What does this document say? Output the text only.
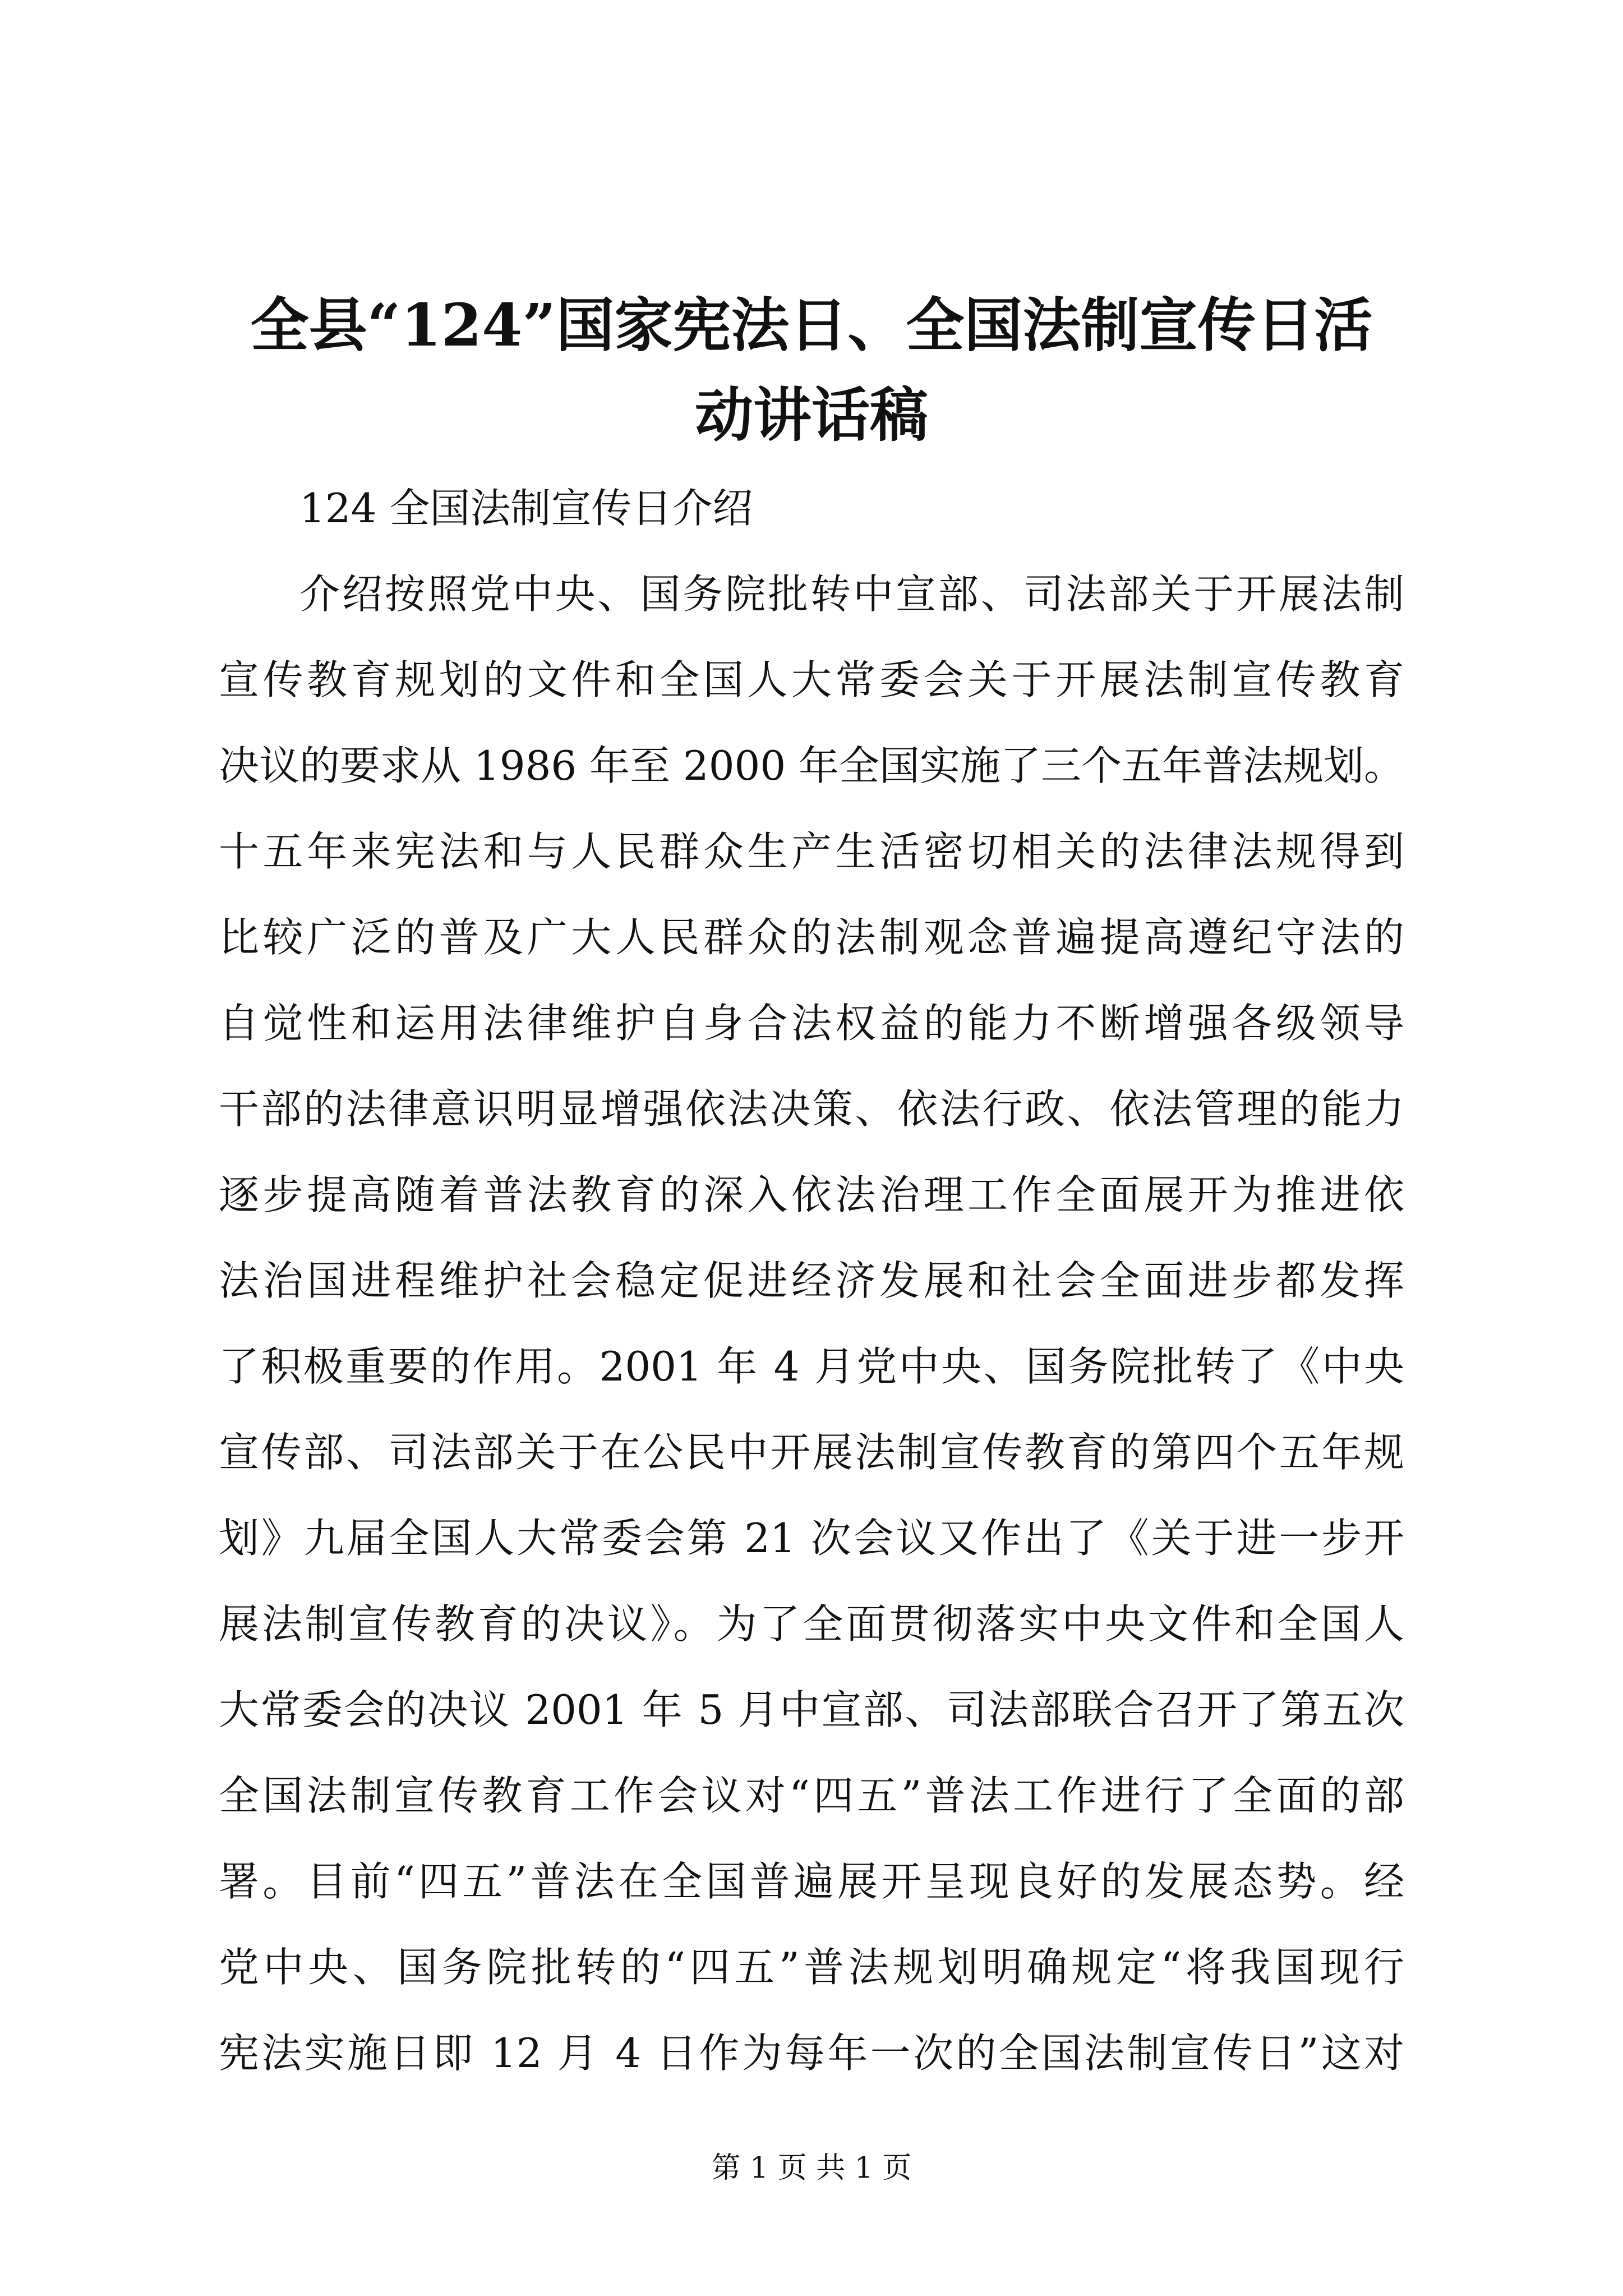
全县“124”国家宪法日、全国法制宣传日活
动讲话稿
124 全国法制宣传日介绍
介绍按照党中央、国务院批转中宣部、司法部关于开展法制
宣传教育规划的文件和全国人大常委会关于开展法制宣传教育
决议的要求从 1986 年至 2000 年全国实施了三个五年普法规划。
十五年来宪法和与人民群众生产生活密切相关的法律法规得到
比较广泛的普及广大人民群众的法制观念普遍提高遵纪守法的
自觉性和运用法律维护自身合法权益的能力不断增强各级领导
干部的法律意识明显增强依法决策、依法行政、依法管理的能力
逐步提高随着普法教育的深入依法治理工作全面展开为推进依
法治国进程维护社会稳定促进经济发展和社会全面进步都发挥
了积极重要的作用。2001 年 4 月党中央、国务院批转了《中央
宣传部、司法部关于在公民中开展法制宣传教育的第四个五年规
划》九届全国人大常委会第 21 次会议又作出了《关于进一步开
展法制宣传教育的决议》。为了全面贯彻落实中央文件和全国人
大常委会的决议 2001 年 5 月中宣部、司法部联合召开了第五次
全国法制宣传教育工作会议对“四五”普法工作进行了全面的部
署。目前“四五”普法在全国普遍展开呈现良好的发展态势。经
党中央、国务院批转的“四五”普法规划明确规定“将我国现行
宪法实施日即 12 月 4 日作为每年一次的全国法制宣传日”这对
第 1 页 共 1 页
